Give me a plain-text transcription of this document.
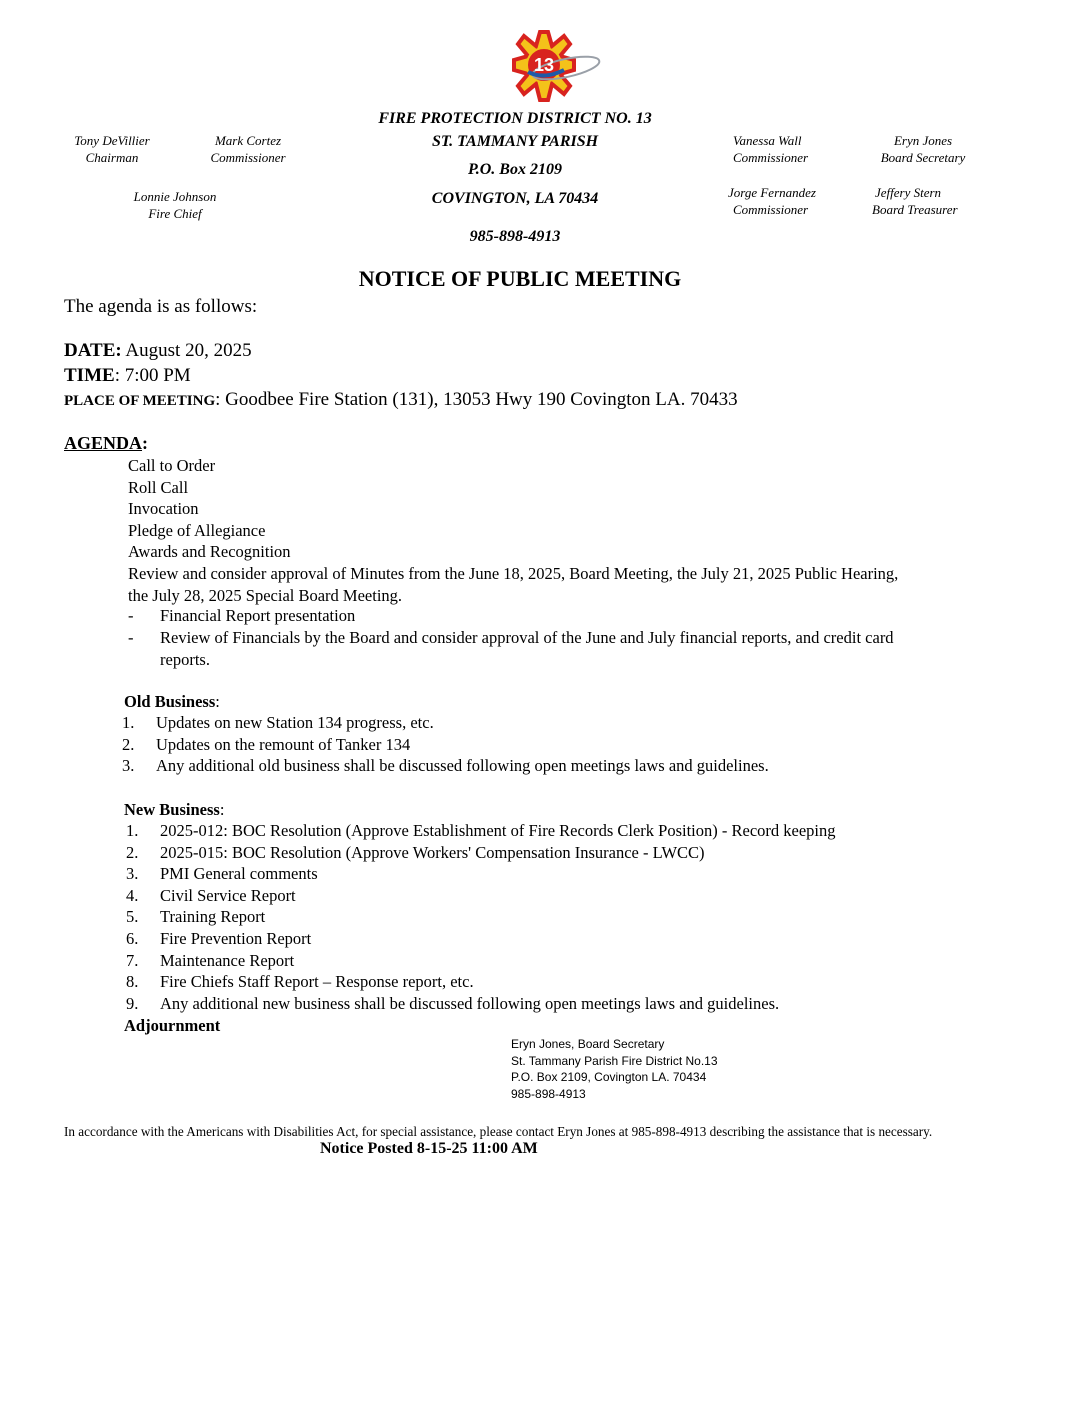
13
FIRE PROTECTION DISTRICT NO. 13
ST. TAMMANY PARISH
P.O. Box 2109
COVINGTON, LA 70434
985-898-4913
Tony DeVillier
Chairman
Mark Cortez
Commissioner
Lonnie Johnson
Fire Chief
Vanessa Wall
Commissioner
Eryn Jones
Board Secretary
Jorge Fernandez
Commissioner
Jeffery Stern
Board Treasurer
NOTICE OF PUBLIC MEETING
The agenda is as follows:
DATE: August 20, 2025
TIME: 7:00 PM
PLACE OF MEETING: Goodbee Fire Station (131), 13053 Hwy 190 Covington LA. 70433
AGENDA:
Call to Order
Roll Call
Invocation
Pledge of Allegiance
Awards and Recognition
Review and consider approval of Minutes from the June 18, 2025, Board Meeting, the July 21, 2025 Public Hearing,
the July 28, 2025 Special Board Meeting.
- Financial Report presentation
- Review of Financials by the Board and consider approval of the June and July financial reports, and credit card
reports.
Old Business:
1. Updates on new Station 134 progress, etc.
2. Updates on the remount of Tanker 134
3. Any additional old business shall be discussed following open meetings laws and guidelines.
New Business:
1. 2025-012: BOC Resolution (Approve Establishment of Fire Records Clerk Position) - Record keeping
2. 2025-015: BOC Resolution (Approve Workers' Compensation Insurance - LWCC)
3. PMI General comments
4. Civil Service Report
5. Training Report
6. Fire Prevention Report
7. Maintenance Report
8. Fire Chiefs Staff Report – Response report, etc.
9. Any additional new business shall be discussed following open meetings laws and guidelines.
Adjournment
Eryn Jones, Board Secretary
St. Tammany Parish Fire District No.13
P.O. Box 2109, Covington LA. 70434
985-898-4913
In accordance with the Americans with Disabilities Act, for special assistance, please contact Eryn Jones at 985-898-4913 describing the assistance that is necessary.
Notice Posted 8-15-25 11:00 AM
